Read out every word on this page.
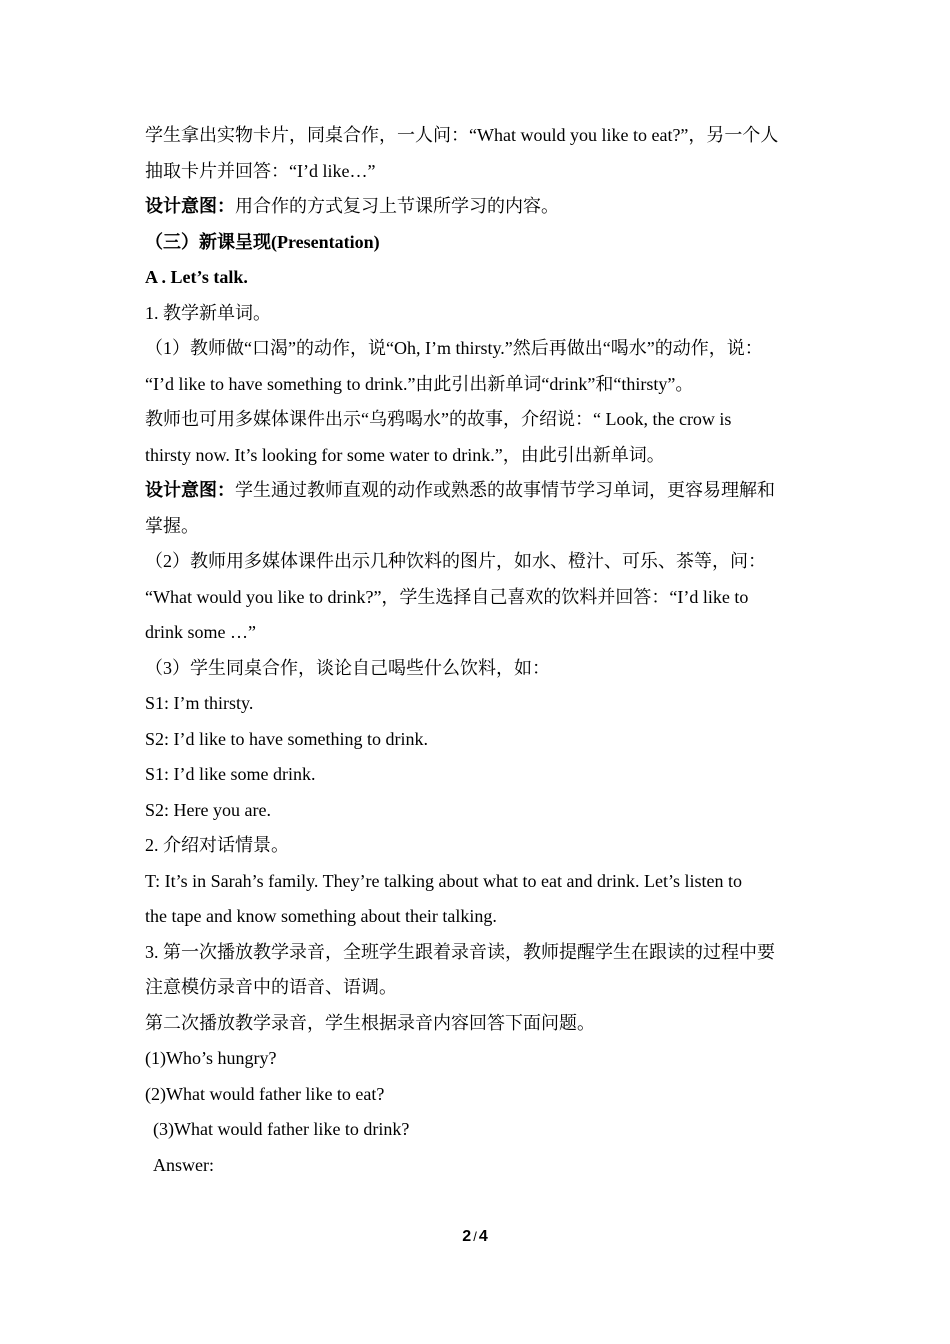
学生拿出实物卡片，同桌合作，一人问：“What would you like to eat?”，另一个人

抽取卡片并回答：“I’d like…”

设计意图：用合作的方式复习上节课所学习的内容。

（三）新课呈现(Presentation)

A . Let’s talk.

1. 教学新单词。

（1）教师做“口渴”的动作，说“Oh, I’m thirsty.”然后再做出“喝水”的动作，说：

“I’d like to have something to drink.”由此引出新单词“drink”和“thirsty”。

教师也可用多媒体课件出示“乌鸦喝水”的故事，介绍说：“ Look, the crow is

thirsty now. It’s looking for some water to drink.”，由此引出新单词。

设计意图：学生通过教师直观的动作或熟悉的故事情节学习单词，更容易理解和

掌握。

（2）教师用多媒体课件出示几种饮料的图片，如水、橙汁、可乐、茶等，问：

“What would you like to drink?”，学生选择自己喜欢的饮料并回答：“I’d like to

drink some …”

（3）学生同桌合作，谈论自己喝些什么饮料，如：

S1: I’m thirsty.

S2: I’d like to have something to drink.

S1: I’d like some drink.

S2: Here you are.

2. 介绍对话情景。

T: It’s in Sarah’s family. They’re talking about what to eat and drink. Let’s listen to

the tape and know something about their talking.

3. 第一次播放教学录音，全班学生跟着录音读，教师提醒学生在跟读的过程中要

注意模仿录音中的语音、语调。

第二次播放教学录音，学生根据录音内容回答下面问题。

(1)Who’s hungry?

(2)What would father like to eat?

(3)What would father like to drink?

Answer:

2 / 4
